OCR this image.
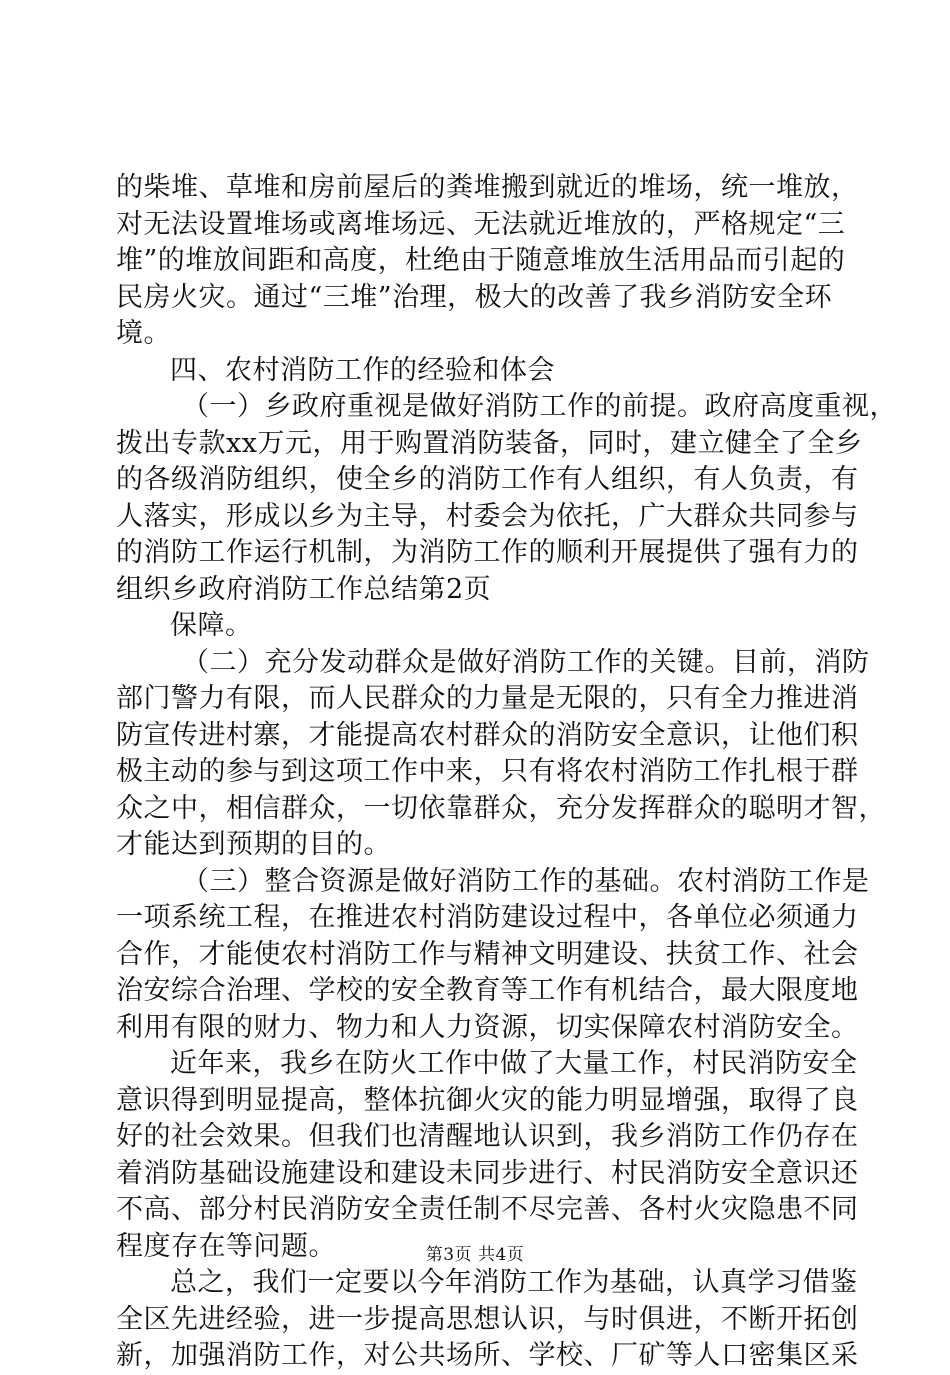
的柴堆、草堆和房前屋后的粪堆搬到就近的堆场，统一堆放，
对无法设置堆场或离堆场远、无法就近堆放的，严格规定“三
堆”的堆放间距和高度，杜绝由于随意堆放生活用品而引起的
民房火灾。通过“三堆”治理，极大的改善了我乡消防安全环
境。
四、农村消防工作的经验和体会
（一）乡政府重视是做好消防工作的前提。政府高度重视，
拨出专款xx万元，用于购置消防装备，同时，建立健全了全乡
的各级消防组织，使全乡的消防工作有人组织，有人负责，有
人落实，形成以乡为主导，村委会为依托，广大群众共同参与
的消防工作运行机制，为消防工作的顺利开展提供了强有力的
组织乡政府消防工作总结第2页
保障。
（二）充分发动群众是做好消防工作的关键。目前，消防
部门警力有限，而人民群众的力量是无限的，只有全力推进消
防宣传进村寨，才能提高农村群众的消防安全意识，让他们积
极主动的参与到这项工作中来，只有将农村消防工作扎根于群
众之中，相信群众，一切依靠群众，充分发挥群众的聪明才智，
才能达到预期的目的。
（三）整合资源是做好消防工作的基础。农村消防工作是
一项系统工程，在推进农村消防建设过程中，各单位必须通力
合作，才能使农村消防工作与精神文明建设、扶贫工作、社会
治安综合治理、学校的安全教育等工作有机结合，最大限度地
利用有限的财力、物力和人力资源，切实保障农村消防安全。
近年来，我乡在防火工作中做了大量工作，村民消防安全
意识得到明显提高，整体抗御火灾的能力明显增强，取得了良
好的社会效果。但我们也清醒地认识到，我乡消防工作仍存在
着消防基础设施建设和建设未同步进行、村民消防安全意识还
不高、部分村民消防安全责任制不尽完善、各村火灾隐患不同
程度存在等问题。
总之，我们一定要以今年消防工作为基础，认真学习借鉴
全区先进经验，进一步提高思想认识，与时俱进，不断开拓创
新，加强消防工作，对公共场所、学校、厂矿等人口密集区采
第3页 共4页
